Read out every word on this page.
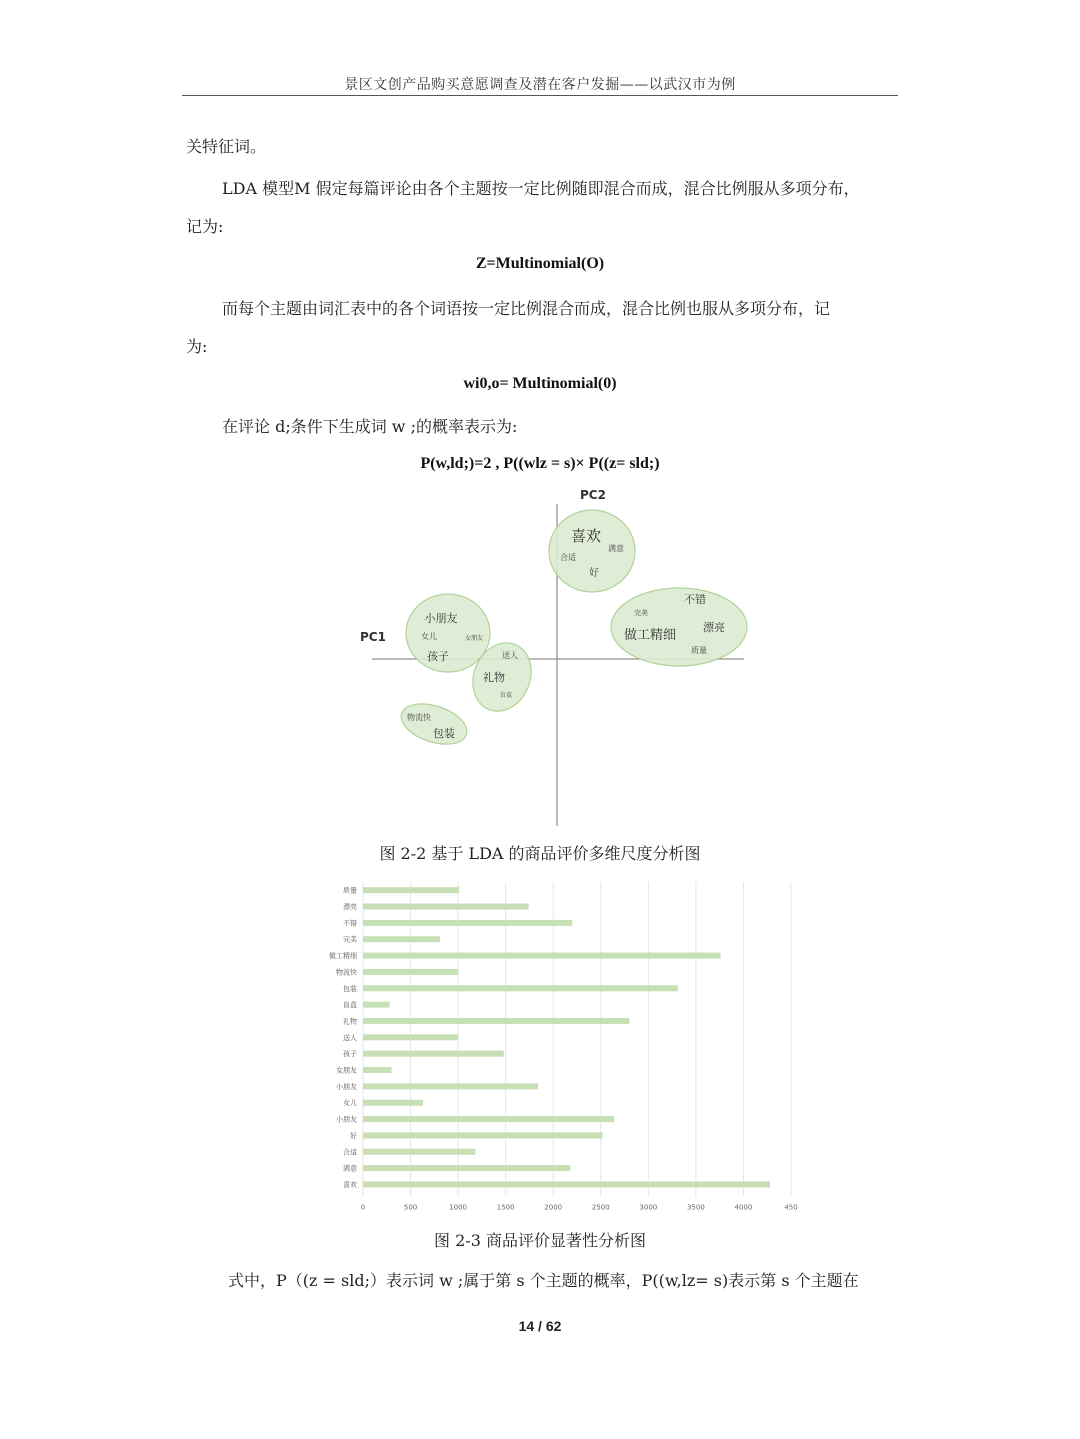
景区文创产品购买意愿调查及潜在客户发掘——以武汉市为例
关特征词。
LDA 模型M 假定每篇评论由各个主题按一定比例随即混合而成，混合比例服从多项分布，
记为:
Z=Multinomial(O)
而每个主题由词汇表中的各个词语按一定比例混合而成，混合比例也服从多项分布，记
为:
wi0,o= Multinomial(0)
在评论 d;条件下生成词 w ;的概率表示为:
P(w,ld;)=2 , P((wlz = s)× P((z= sld;)
PC2
PC1
喜欢
满意
合适
好
不错
完美
做工精细
漂亮
质量
小朋友
女儿	女朋友
孩子	送人
礼物
盲盒
物流快
包装
图 2-2 基于 LDA 的商品评价多维尺度分析图
0	500	1000	1500	2000	2500	3000	3500	4000	450
质量
漂亮
不错
完美
做工精细
物流快
包装
盲盒
礼物
送人
孩子
女朋友
小朋友
女儿
小朋友
好
合适
满意
喜欢
图 2-3 商品评价显著性分析图
式中，P（(z = sld;）表示词 w ;属于第 s 个主题的概率，P((w,lz= s)表示第 s 个主题在
14 / 62
